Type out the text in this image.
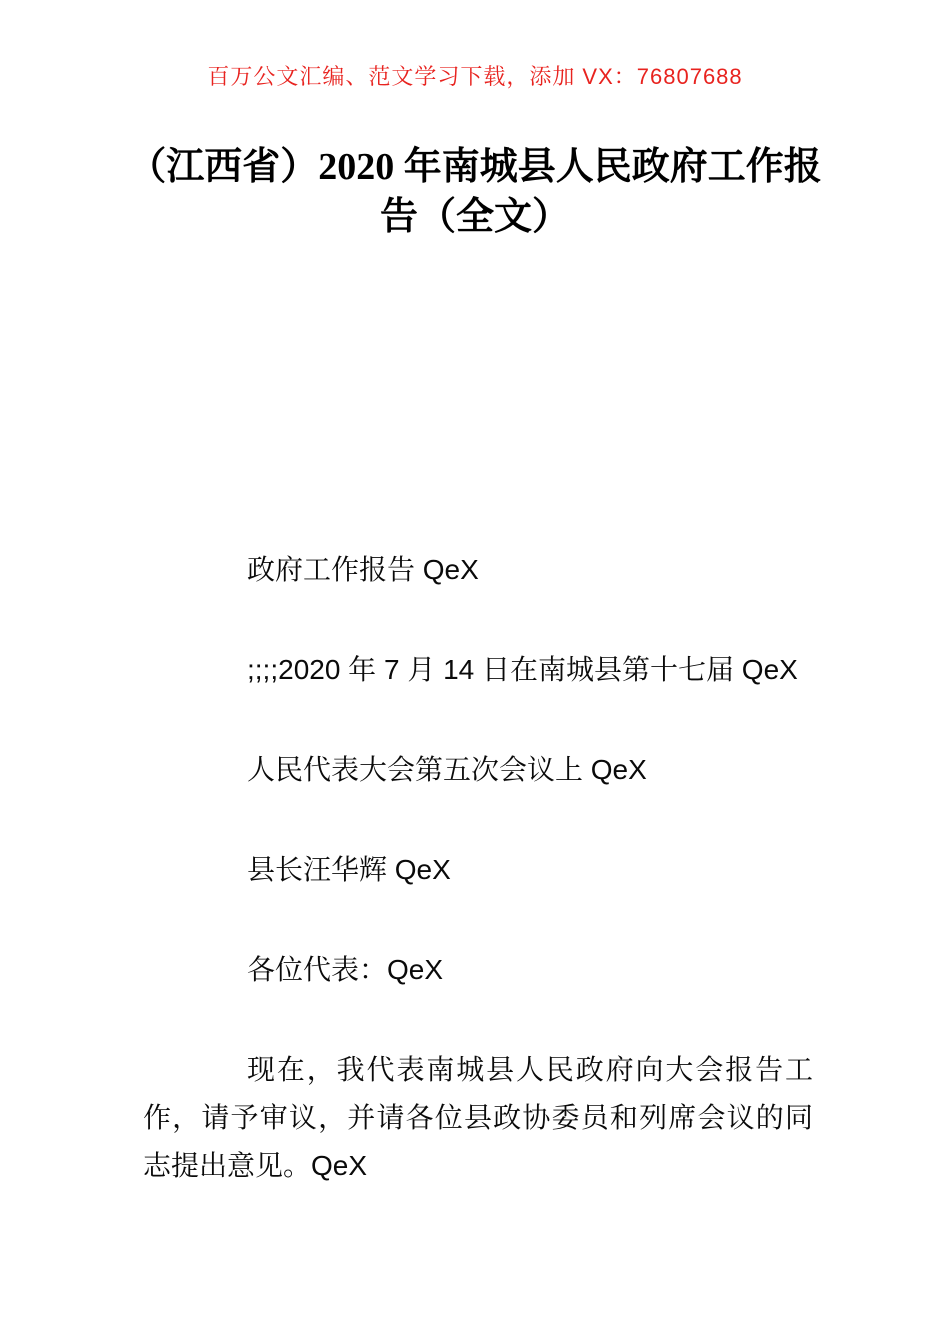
百万公文汇编、范文学习下载，添加 VX：76807688
（江西省）2020 年南城县人民政府工作报
告（全文）

政府工作报告 QeX

;;;;2020 年 7 月 14 日在南城县第十七届 QeX

人民代表大会第五次会议上 QeX

县长汪华辉 QeX

各位代表：QeX

现在，我代表南城县人民政府向大会报告工作，请予审议，并请各位县政协委员和列席会议的同志提出意见。QeX
